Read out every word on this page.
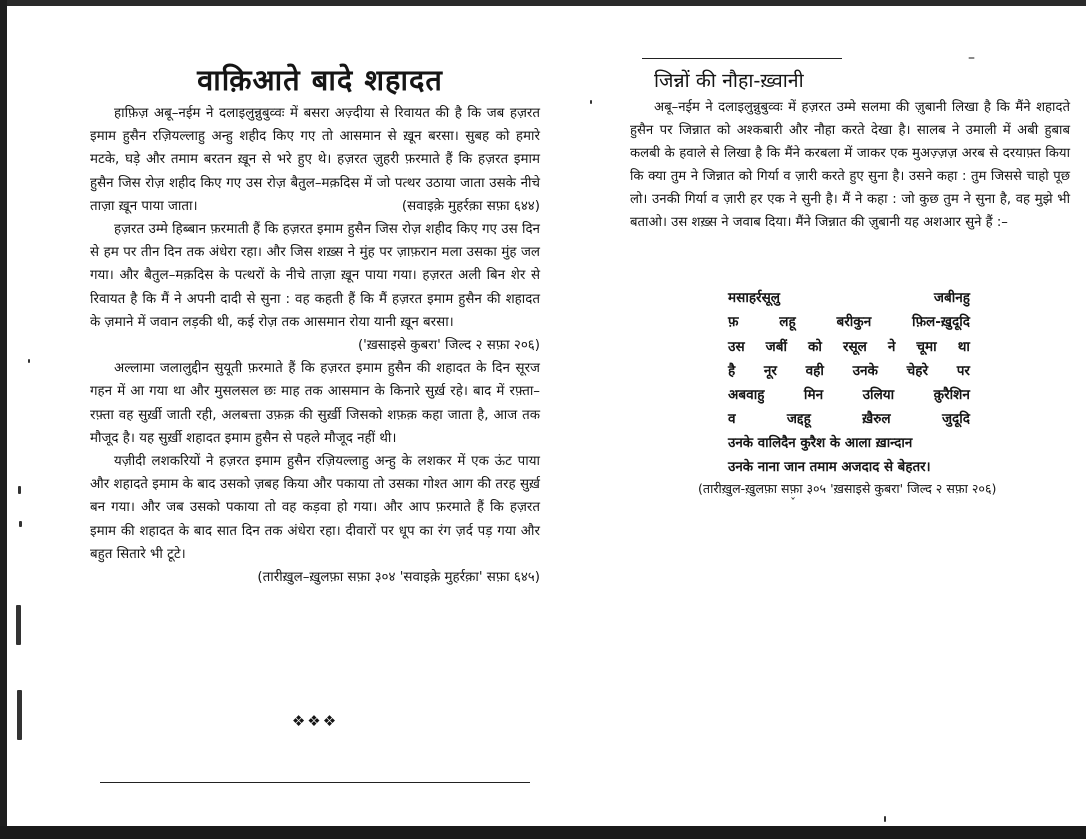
वाक़िआते बादे शहादत

हाफ़िज़ अबू–नईम ने दलाइलुन्नुबुव्वः में बसरा अज़्दीया से रिवायत की है कि जब हज़रत इमाम हुसैन रज़ियल्लाहु अन्हु शहीद किए गए तो आसमान से ख़ून बरसा। सुबह को हमारे मटके, घड़े और तमाम बरतन ख़ून से भरे हुए थे। हज़रत ज़ुहरी फ़रमाते हैं कि हज़रत इमाम हुसैन जिस रोज़ शहीद किए गए उस रोज़ बैतुल–मक़दिस में जो पत्थर उठाया जाता उसके नीचे ताज़ा ख़ून पाया जाता।	(सवाइक़े मुहर्रक़ा सफ़ा ६४४)

हज़रत उम्मे हिब्बान फ़रमाती हैं कि हज़रत इमाम हुसैन जिस रोज़ शहीद किए गए उस दिन से हम पर तीन दिन तक अंधेरा रहा। और जिस शख़्स ने मुंह पर ज़ाफ़रान मला उसका मुंह जल गया। और बैतुल–मक़दिस के पत्थरों के नीचे ताज़ा ख़ून पाया गया। हज़रत अली बिन शेर से रिवायत है कि मैं ने अपनी दादी से सुना : वह कहती हैं कि मैं हज़रत इमाम हुसैन की शहादत के ज़माने में जवान लड़की थी, कई रोज़ तक आसमान रोया यानी ख़ून बरसा।
('ख़साइसे कुबरा' जिल्द २ सफ़ा २०६)

अल्लामा जलालुद्दीन सुयूती फ़रमाते हैं कि हज़रत इमाम हुसैन की शहादत के दिन सूरज गहन में आ गया था और मुसलसल छः माह तक आसमान के किनारे सुर्ख़ रहे। बाद में रफ़्ता–रफ़्ता वह सुर्ख़ी जाती रही, अलबत्ता उफ़क़ की सुर्ख़ी जिसको शफ़क़ कहा जाता है, आज तक मौजूद है। यह सुर्ख़ी शहादत इमाम हुसैन से पहले मौजूद नहीं थी।

यज़ीदी लशकरियों ने हज़रत इमाम हुसैन रज़ियल्लाहु अन्हु के लशकर में एक ऊंट पाया और शहादते इमाम के बाद उसको ज़बह किया और पकाया तो उसका गोश्त आग की तरह सुर्ख़ बन गया। और जब उसको पकाया तो वह कड़वा हो गया। और आप फ़रमाते हैं कि हज़रत इमाम की शहादत के बाद सात दिन तक अंधेरा रहा। दीवारों पर धूप का रंग ज़र्द पड़ गया और बहुत सितारे भी टूटे।

(तारीख़ुल–ख़ुलफ़ा सफ़ा ३०४ 'सवाइक़े मुहर्रक़ा' सफ़ा ६४५)

❖❖❖
–
जिन्नों की नौहा-ख़्वानी

अबू–नईम ने दलाइलुन्नुबुव्वः में हज़रत उम्मे सलमा की ज़ुबानी लिखा है कि मैंने शहादते हुसैन पर जिन्नात को अश्कबारी और नौहा करते देखा है। सालब ने उमाली में अबी हुबाब कलबी के हवाले से लिखा है कि मैंने करबला में जाकर एक मुअज़्ज़ज़ अरब से दरयाफ़्त किया कि क्या तुम ने जिन्नात को गिर्या व ज़ारी करते हुए सुना है। उसने कहा : तुम जिससे चाहो पूछ लो। उनकी गिर्या व ज़ारी हर एक ने सुनी है। मैं ने कहा : जो कुछ तुम ने सुना है, वह मुझे भी बताओ। उस शख़्स ने जवाब दिया। मैंने जिन्नात की ज़ुबानी यह अशआर सुने हैं :–

मसाहर्रसूलु	जबीनहु
फ़	लहू	बरीकुन	फ़िल-ख़ुदूदि
उस जबीं को रसूल ने चूमा था
है नूर वही उनके चेहरे पर
अबवाहु	मिन	उलिया	क़ुरैशिन
व	जद्दहू	ख़ैरुल	जुदूदि
उनके वालिदैन कुरैश के आला ख़ान्दान
उनके नाना जान तमाम अजदाद से बेहतर।

(तारीख़ुल-ख़ुलफ़ा सफ़ा ३०५ 'ख़साइसे कुबरा' जिल्द २ सफ़ा २०६)

ˇ
